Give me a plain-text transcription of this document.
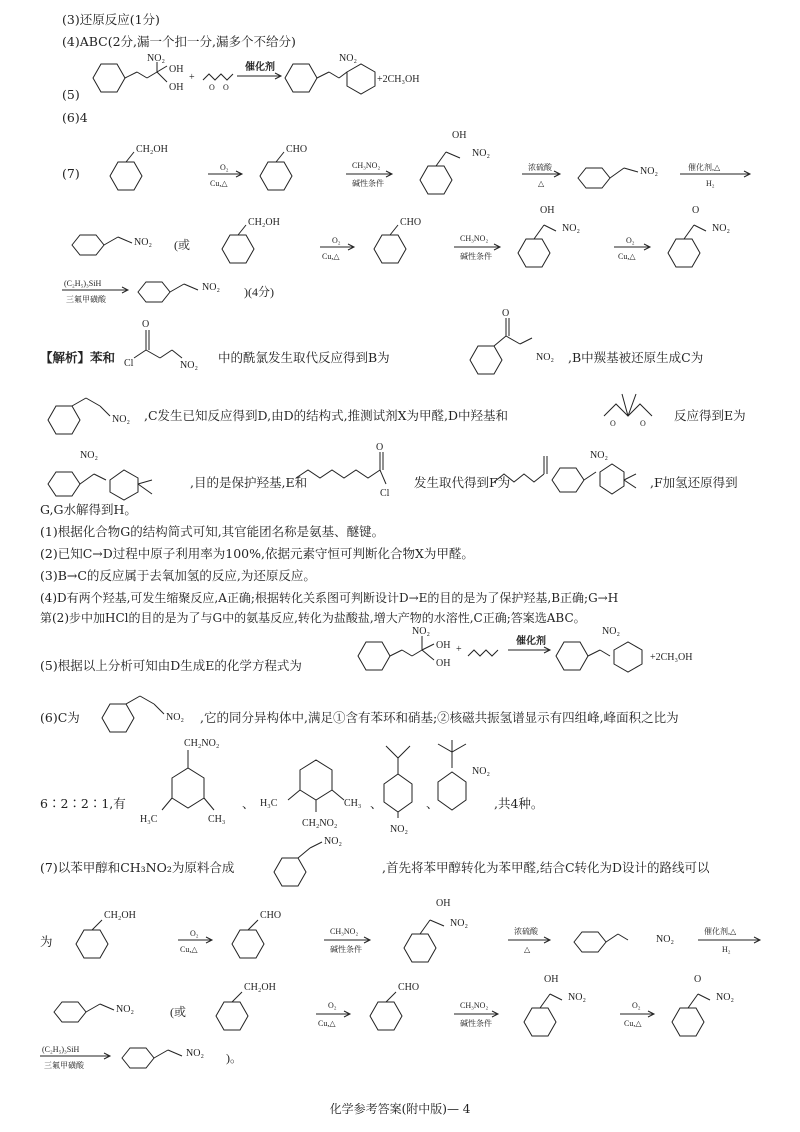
(3)还原反应(1分)
(4)ABC(2分,漏一个扣一分,漏多个不给分)
(5)
(6)4
(7)
NO₂
OH
OH
+
O O
催化剂
NO₂
+2CH₃OH
CH₂OH
O₂
Cu,△
CHO
CH₃NO₂
碱性条件
OH
NO₂
浓硫酸
△
NO₂	催化剂,△
H₂
NO₂ (或
CH₂OH
O₂
Cu,△
CHO
CH₃NO₂
碱性条件
OH
NO₂
O₂
Cu,△
O
NO₂
(C₂H₅)₃SiH
三氟甲磺酸
NO₂ )(4分)
【解析】苯和 Cl
O
NO₂
中的酰氯发生取代反应得到B为
O
NO₂ ,B中羰基被还原生成C为
NO₂ ,C发生已知反应得到D,由D的结构式,推测试剂X为甲醛,D中羟基和
O	O
反应得到E为
NO₂
,目的是保护羟基,E和
O
Cl
发生取代得到F为
NO₂
,F加氢还原得到
G,G水解得到H。
(1)根据化合物G的结构简式可知,其官能团名称是氨基、醚键。
(2)已知C→D过程中原子利用率为100%,依据元素守恒可判断化合物X为甲醛。
(3)B→C的反应属于去氧加氢的反应,为还原反应。
(4)D有两个羟基,可发生缩聚反应,A正确;根据转化关系图可判断设计D→E的目的是为了保护羟基,B正确;G→H
第(2)步中加HCl的目的是为了与G中的氨基反应,转化为盐酸盐,增大产物的水溶性,C正确;答案选ABC。
(5)根据以上分析可知由D生成E的化学方程式为
NO₂
OH
OH
+
催化剂
NO₂
+2CH₃OH
(6)C为	NO₂ ,它的同分异构体中,满足①含有苯环和硝基;②核磁共振氢谱显示有四组峰,峰面积之比为
6∶2∶2∶1,有
CH₂NO₂
H₃C	CH₃
、 H₃C	CH₃
CH₂NO₂
、
NO₂
、
NO₂
,共4种。
(7)以苯甲醇和CH₃NO₂为原料合成
NO₂
,首先将苯甲醇转化为苯甲醛,结合C转化为D设计的路线可以
为
CH₂OH
O₂
Cu,△
CHO
CH₃NO₂
碱性条件
OH
NO₂
浓硫酸
△
NO₂
催化剂,△
H₂
NO₂	(或
CH₂OH
O₂
Cu,△
CHO
CH₃NO₂
碱性条件
OH
NO₂
O₂
Cu,△
O
NO₂
(C₂H₅)₃SiH
三氟甲磺酸
NO₂ )。
化学参考答案(附中版)— 4
